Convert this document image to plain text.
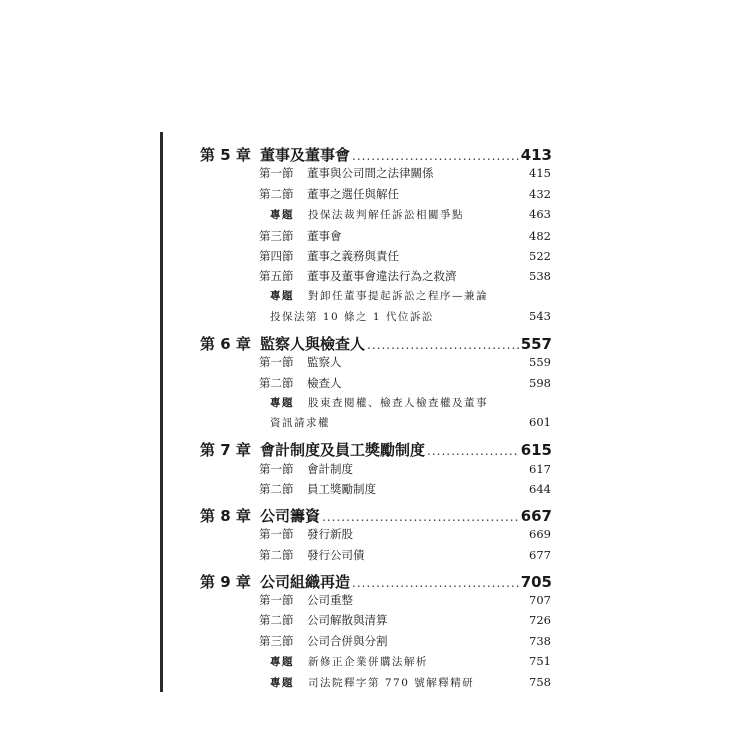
第 5 章 董事及董事會 .....	413
第一節	董事與公司間之法律關係	415
第二節	董事之選任與解任	432
專題	投保法裁判解任訴訟相關爭點	463
第三節	董事會	482
第四節	董事之義務與責任	522
第五節	董事及董事會違法行為之救濟	538
專題	對卸任董事提起訴訟之程序—兼論
投保法第 10 條之 1 代位訴訟	543
第 6 章 監察人與檢查人 .....	557
第一節	監察人	559
第二節	檢查人	598
專題	股東查閱權、檢查人檢查權及董事
資訊請求權	601
第 7 章 會計制度及員工獎勵制度 .....	615
第一節	會計制度	617
第二節	員工獎勵制度	644
第 8 章 公司籌資 .....	667
第一節	發行新股	669
第二節	發行公司債	677
第 9 章 公司組織再造 .....	705
第一節	公司重整	707
第二節	公司解散與清算	726
第三節	公司合併與分割	738
專題	新修正企業併購法解析	751
專題	司法院釋字第 770 號解釋精研	758
